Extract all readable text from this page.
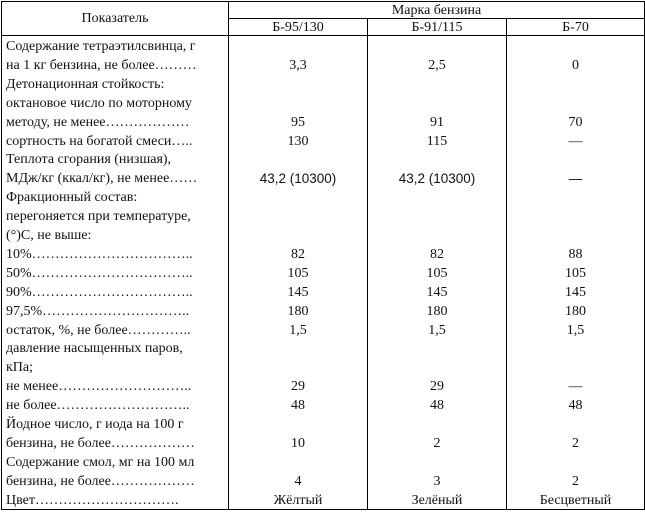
Показатель	Марка бензина		
	Б-95/130	Б-91/115	Б-70
Содержание тетраэтилсвинца, г			
на 1 кг бензина, не более………	3,3	2,5	0
Детонационная стойкость:			
октановое число по моторному			
методу, не менее………………	95	91	70
сортность на богатой смеси…..	130	115	—
Теплота сгорания (низшая),			
МДж/кг (ккал/кг), не менее……	43,2 (10300)	43,2 (10300)	—
Фракционный состав:			
перегоняется при температуре,			
(°)С, не выше:			
10%……………………………..	82	82	88
50%……………………………..	105	105	105
90%……………………………..	145	145	145
97,5%…………………………..	180	180	180
остаток, %, не более…………..	1,5	1,5	1,5
давление насыщенных паров,			
кПа;			
не менее………………………..	29	29	—
не более………………………..	48	48	48
Йодное число, г иода на 100 г			
бензина, не более………………	10	2	2
Содержание смол, мг на 100 мл			
бензина, не более………………	4	3	2
Цвет………………………….	Жёлтый	Зелёный	Бесцветный
